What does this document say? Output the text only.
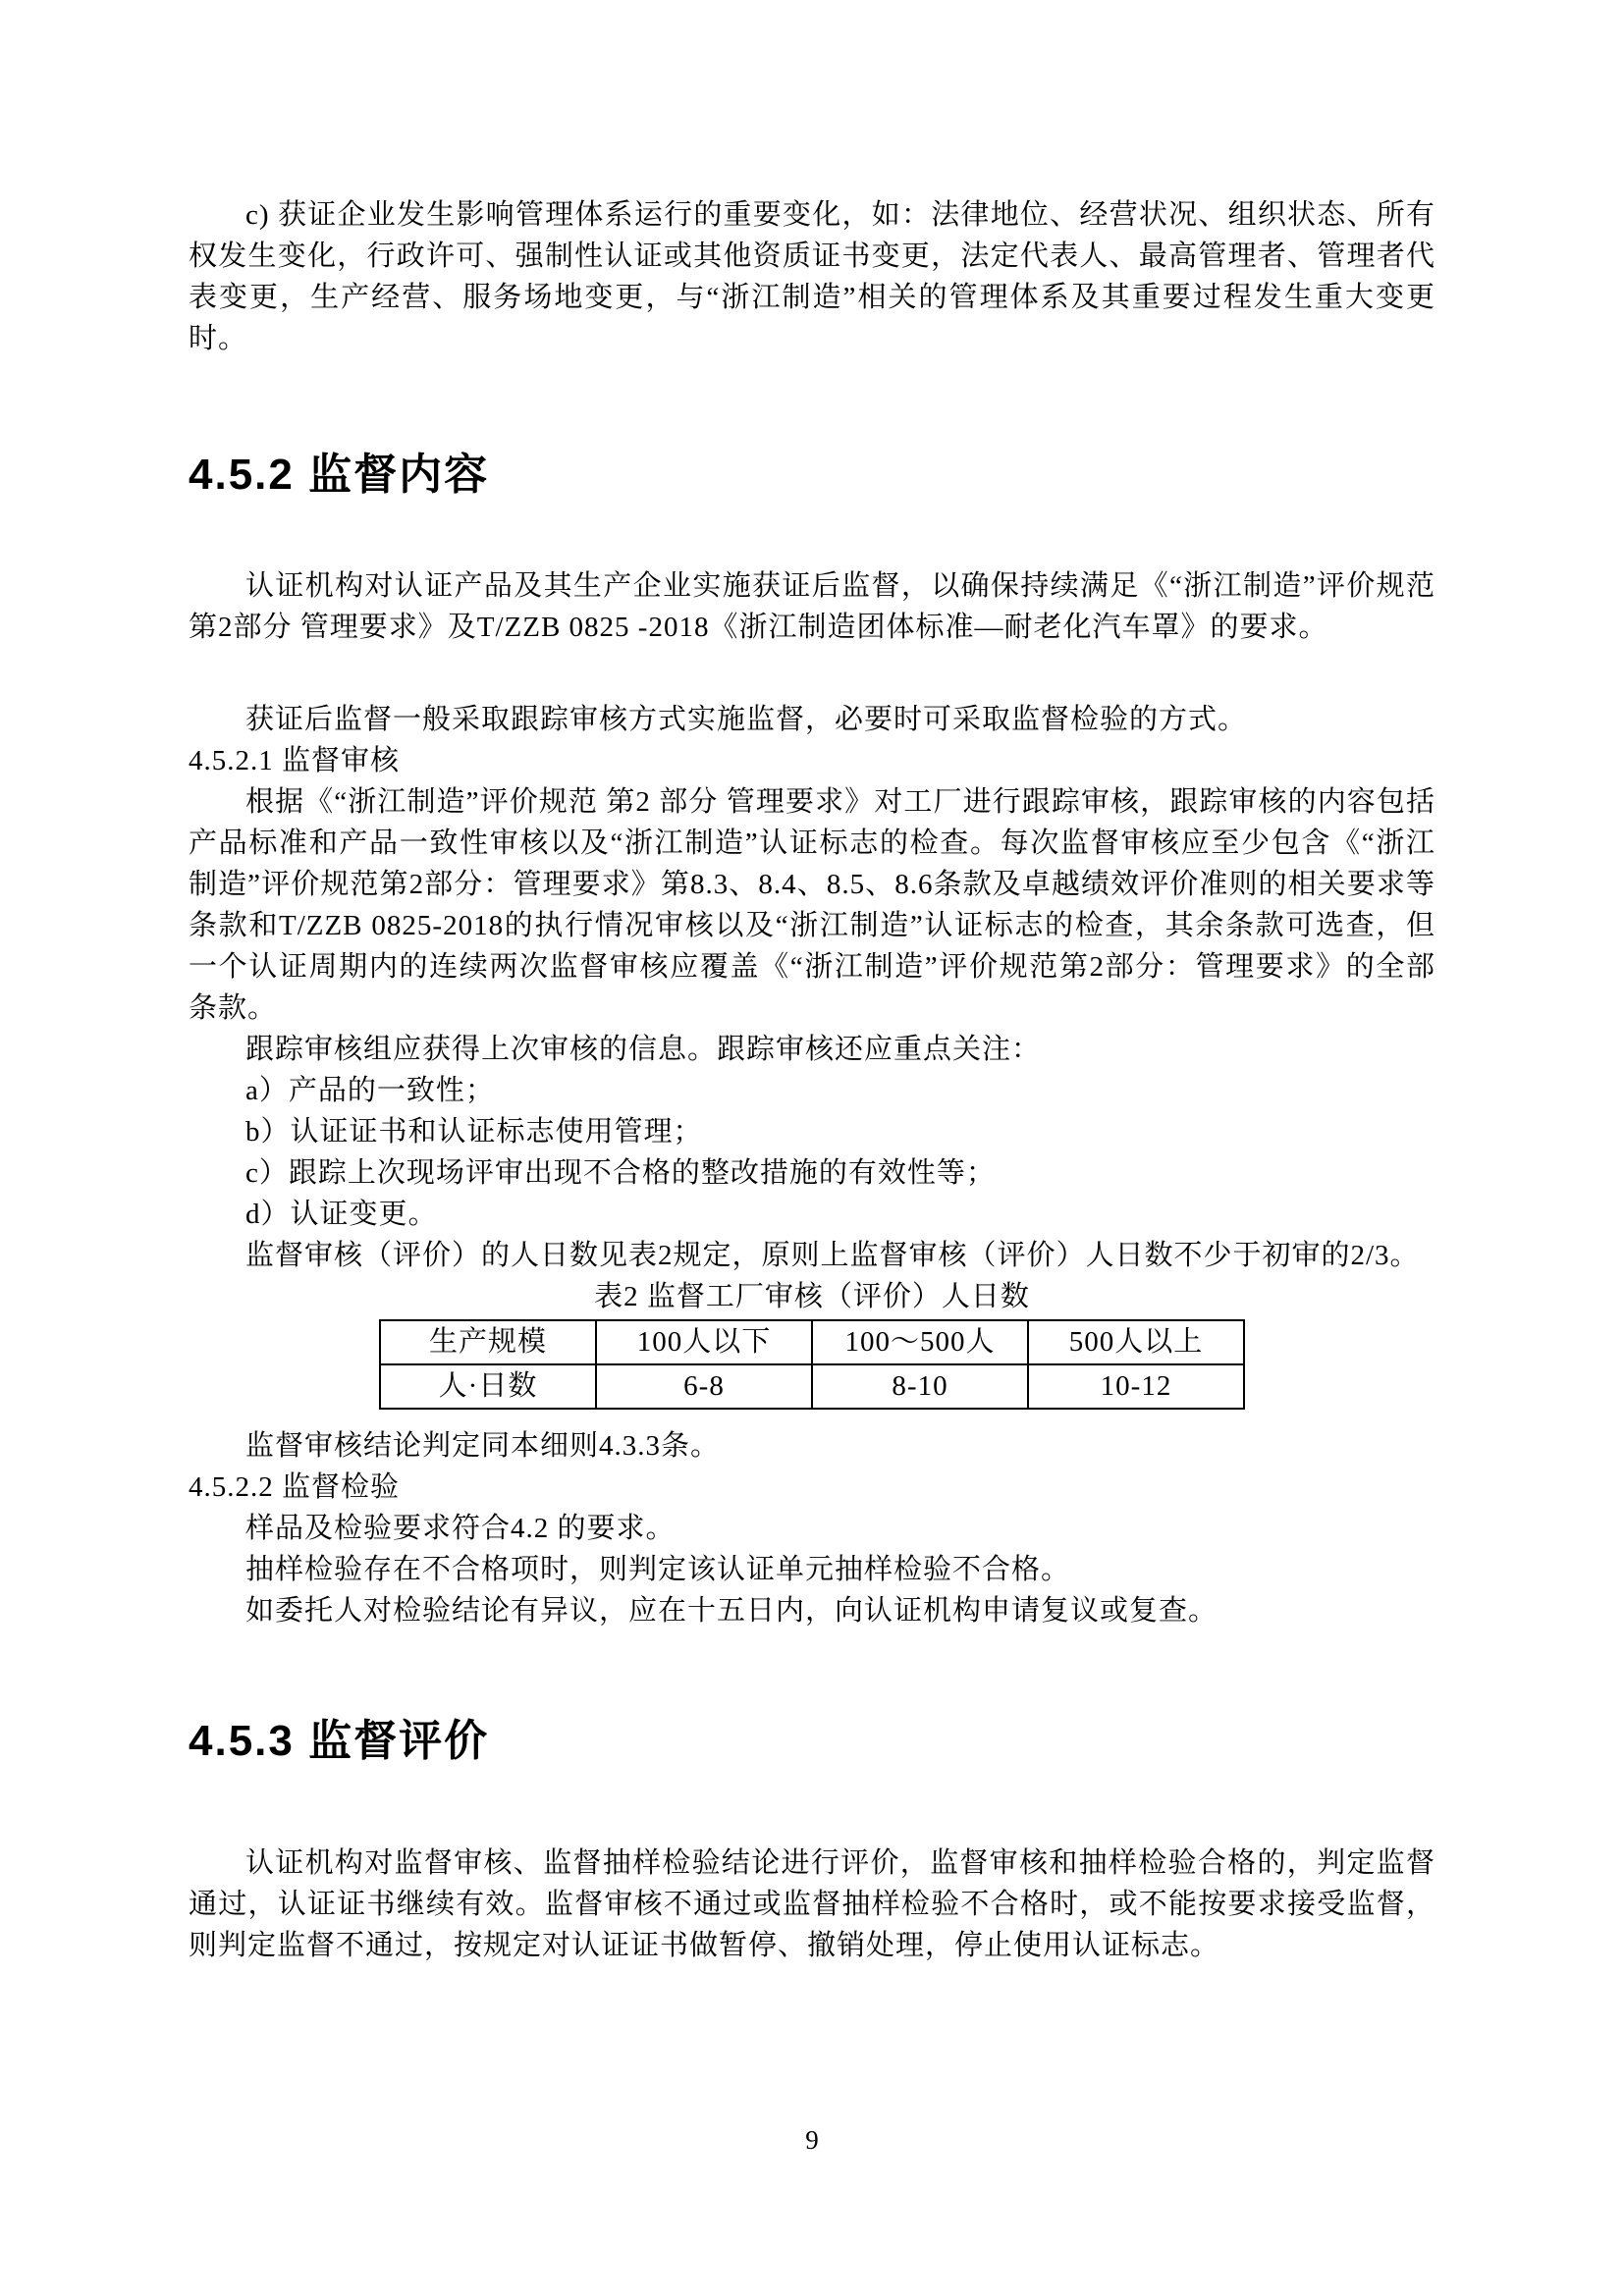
c) 获证企业发生影响管理体系运行的重要变化，如：法律地位、经营状况、组织状态、所有权发生变化，行政许可、强制性认证或其他资质证书变更，法定代表人、最高管理者、管理者代表变更，生产经营、服务场地变更，与“浙江制造”相关的管理体系及其重要过程发生重大变更时。

4.5.2 监督内容

认证机构对认证产品及其生产企业实施获证后监督，以确保持续满足《“浙江制造”评价规范 第2部分 管理要求》及T/ZZB 0825 -2018《浙江制造团体标准—耐老化汽车罩》的要求。

获证后监督一般采取跟踪审核方式实施监督，必要时可采取监督检验的方式。

4.5.2.1 监督审核

根据《“浙江制造”评价规范 第2 部分 管理要求》对工厂进行跟踪审核，跟踪审核的内容包括产品标准和产品一致性审核以及“浙江制造”认证标志的检查。每次监督审核应至少包含《“浙江制造”评价规范第2部分：管理要求》第8.3、8.4、8.5、8.6条款及卓越绩效评价准则的相关要求等条款和T/ZZB 0825-2018的执行情况审核以及“浙江制造”认证标志的检查，其余条款可选查，但一个认证周期内的连续两次监督审核应覆盖《“浙江制造”评价规范第2部分：管理要求》的全部条款。

跟踪审核组应获得上次审核的信息。跟踪审核还应重点关注：

a）产品的一致性；

b）认证证书和认证标志使用管理；

c）跟踪上次现场评审出现不合格的整改措施的有效性等；

d）认证变更。

监督审核（评价）的人日数见表2规定，原则上监督审核（评价）人日数不少于初审的2/3。

表2 监督工厂审核（评价）人日数

生产规模	100人以下	100～500人	500人以上
人·日数	6-8	8-10	10-12

监督审核结论判定同本细则4.3.3条。

4.5.2.2 监督检验

样品及检验要求符合4.2 的要求。

抽样检验存在不合格项时，则判定该认证单元抽样检验不合格。

如委托人对检验结论有异议，应在十五日内，向认证机构申请复议或复查。

4.5.3 监督评价

认证机构对监督审核、监督抽样检验结论进行评价，监督审核和抽样检验合格的，判定监督通过，认证证书继续有效。监督审核不通过或监督抽样检验不合格时，或不能按要求接受监督，则判定监督不通过，按规定对认证证书做暂停、撤销处理，停止使用认证标志。

9
